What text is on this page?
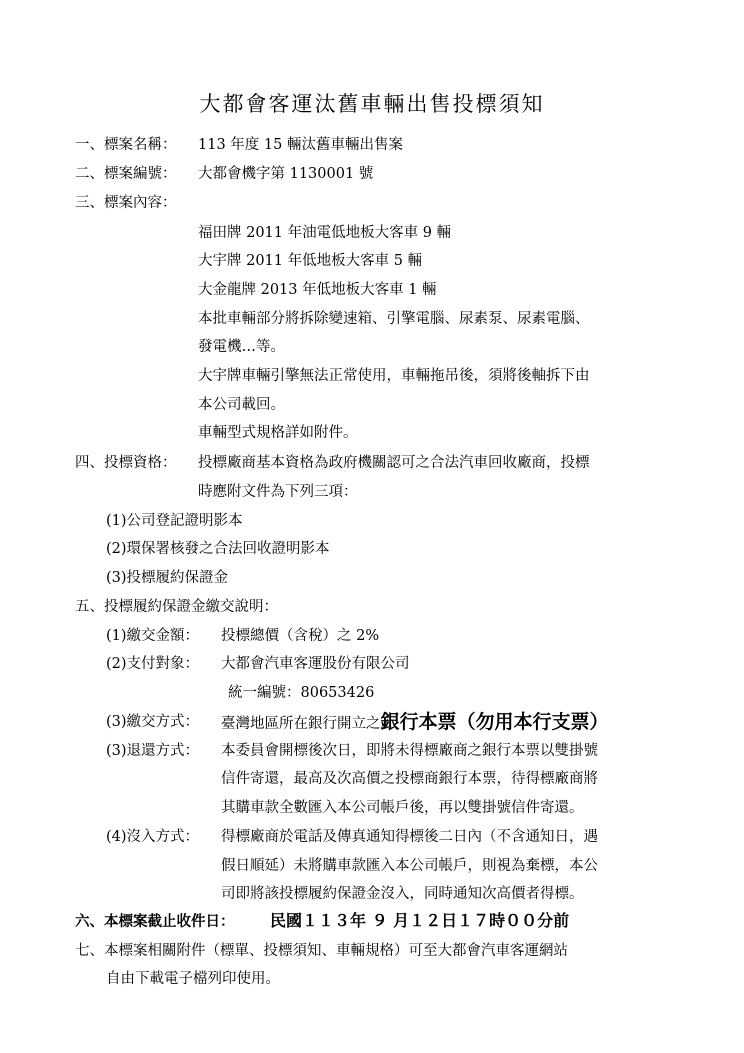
大都會客運汰舊車輛出售投標須知
一、標案名稱： 113 年度 15 輛汰舊車輛出售案
二、標案編號： 大都會機字第 1130001 號
三、標案內容：
福田牌 2011 年油電低地板大客車 9 輛
大宇牌 2011 年低地板大客車 5 輛
大金龍牌 2013 年低地板大客車 1 輛
本批車輛部分將拆除變速箱、引擎電腦、尿素泵、尿素電腦、
發電機…等。
大宇牌車輛引擎無法正常使用，車輛拖吊後，須將後軸拆下由
本公司載回。
車輛型式規格詳如附件。
四、投標資格： 投標廠商基本資格為政府機關認可之合法汽車回收廠商，投標
時應附文件為下列三項：
(1)公司登記證明影本
(2)環保署核發之合法回收證明影本
(3)投標履約保證金
五、投標履約保證金繳交說明：
(1)繳交金額： 投標總價（含稅）之 2%
(2)支付對象： 大都會汽車客運股份有限公司
統一編號：80653426
(3)繳交方式： 臺灣地區所在銀行開立之銀行本票（勿用本行支票）
(3)退還方式： 本委員會開標後次日，即將未得標廠商之銀行本票以雙掛號
信件寄還，最高及次高價之投標商銀行本票，待得標廠商將
其購車款全數匯入本公司帳戶後，再以雙掛號信件寄還。
(4)沒入方式： 得標廠商於電話及傳真通知得標後二日內（不含通知日，遇
假日順延）未將購車款匯入本公司帳戶，則視為棄標，本公
司即將該投標履約保證金沒入，同時通知次高價者得標。
六、本標案截止收件日： 民國１１３年 ９ 月１２日１７時００分前
七、本標案相關附件（標單、投標須知、車輛規格）可至大都會汽車客運網站
自由下載電子檔列印使用。
